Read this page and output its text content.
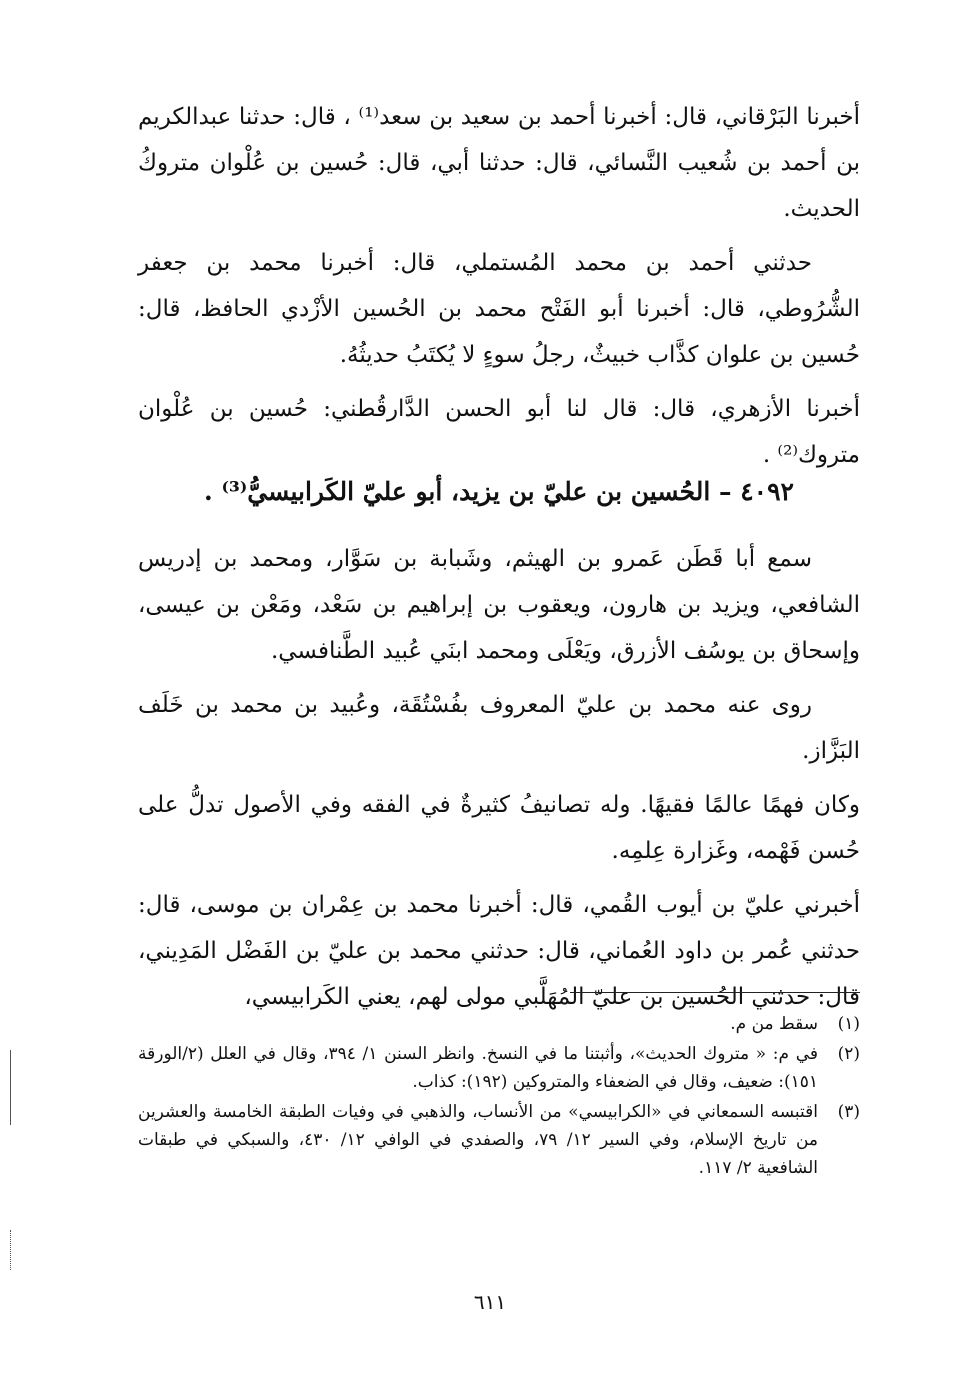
أخبرنا البَرْقاني، قال: أخبرنا أحمد بن سعيد بن سعد⁽¹⁾ ، قال: حدثنا عبدالكريم بن أحمد بن شُعيب النَّسائي، قال: حدثنا أبي، قال: حُسين بن عُلْوان متروكُ الحديث.

حدثني أحمد بن محمد المُستملي، قال: أخبرنا محمد بن جعفر الشُّرُوطي، قال: أخبرنا أبو الفَتْح محمد بن الحُسين الأزْدي الحافظ، قال: حُسين بن علوان كذَّاب خبيثٌ، رجلُ سوءٍ لا يُكتَبُ حديثُهُ.

أخبرنا الأزهري، قال: قال لنا أبو الحسن الدَّارقُطني: حُسين بن عُلْوان متروك⁽²⁾ .

٤٠٩٢ – الحُسين بن عليّ بن يزيد، أبو عليّ الكَرابيسيُّ⁽³⁾ .

سمع أبا قَطَن عَمرو بن الهيثم، وشَبابة بن سَوَّار، ومحمد بن إدريس الشافعي، ويزيد بن هارون، ويعقوب بن إبراهيم بن سَعْد، ومَعْن بن عيسى، وإسحاق بن يوسُف الأزرق، ويَعْلَى ومحمد ابنَي عُبيد الطَّنافسي.

روى عنه محمد بن عليّ المعروف بفُسْتُقَة، وعُبيد بن محمد بن خَلَف البَزَّاز.

وكان فهمًا عالمًا فقيهًا. وله تصانيفُ كثيرةٌ في الفقه وفي الأصول تدلُّ على حُسن فَهْمه، وغَزارة عِلمِه.

أخبرني عليّ بن أيوب القُمي، قال: أخبرنا محمد بن عِمْران بن موسى، قال: حدثني عُمر بن داود العُماني، قال: حدثني محمد بن عليّ بن الفَضْل المَدِيني، قال: حدثني الحُسين بن عليّ المُهَلَّبي مولى لهم، يعني الكَرابيسي،

(١)
سقط من م.
(٢)
في م: « متروك الحديث»، وأثبتنا ما في النسخ. وانظر السنن ١/ ٣٩٤، وقال في العلل (٢/الورقة ١٥١): ضعيف، وقال في الضعفاء والمتروكين (١٩٢): كذاب.
(٣)
اقتبسه السمعاني في «الكرابيسي» من الأنساب، والذهبي في وفيات الطبقة الخامسة والعشرين من تاريخ الإسلام، وفي السير ١٢/ ٧٩، والصفدي في الوافي ١٢/ ٤٣٠، والسبكي في طبقات الشافعية ٢/ ١١٧.
٦١١
